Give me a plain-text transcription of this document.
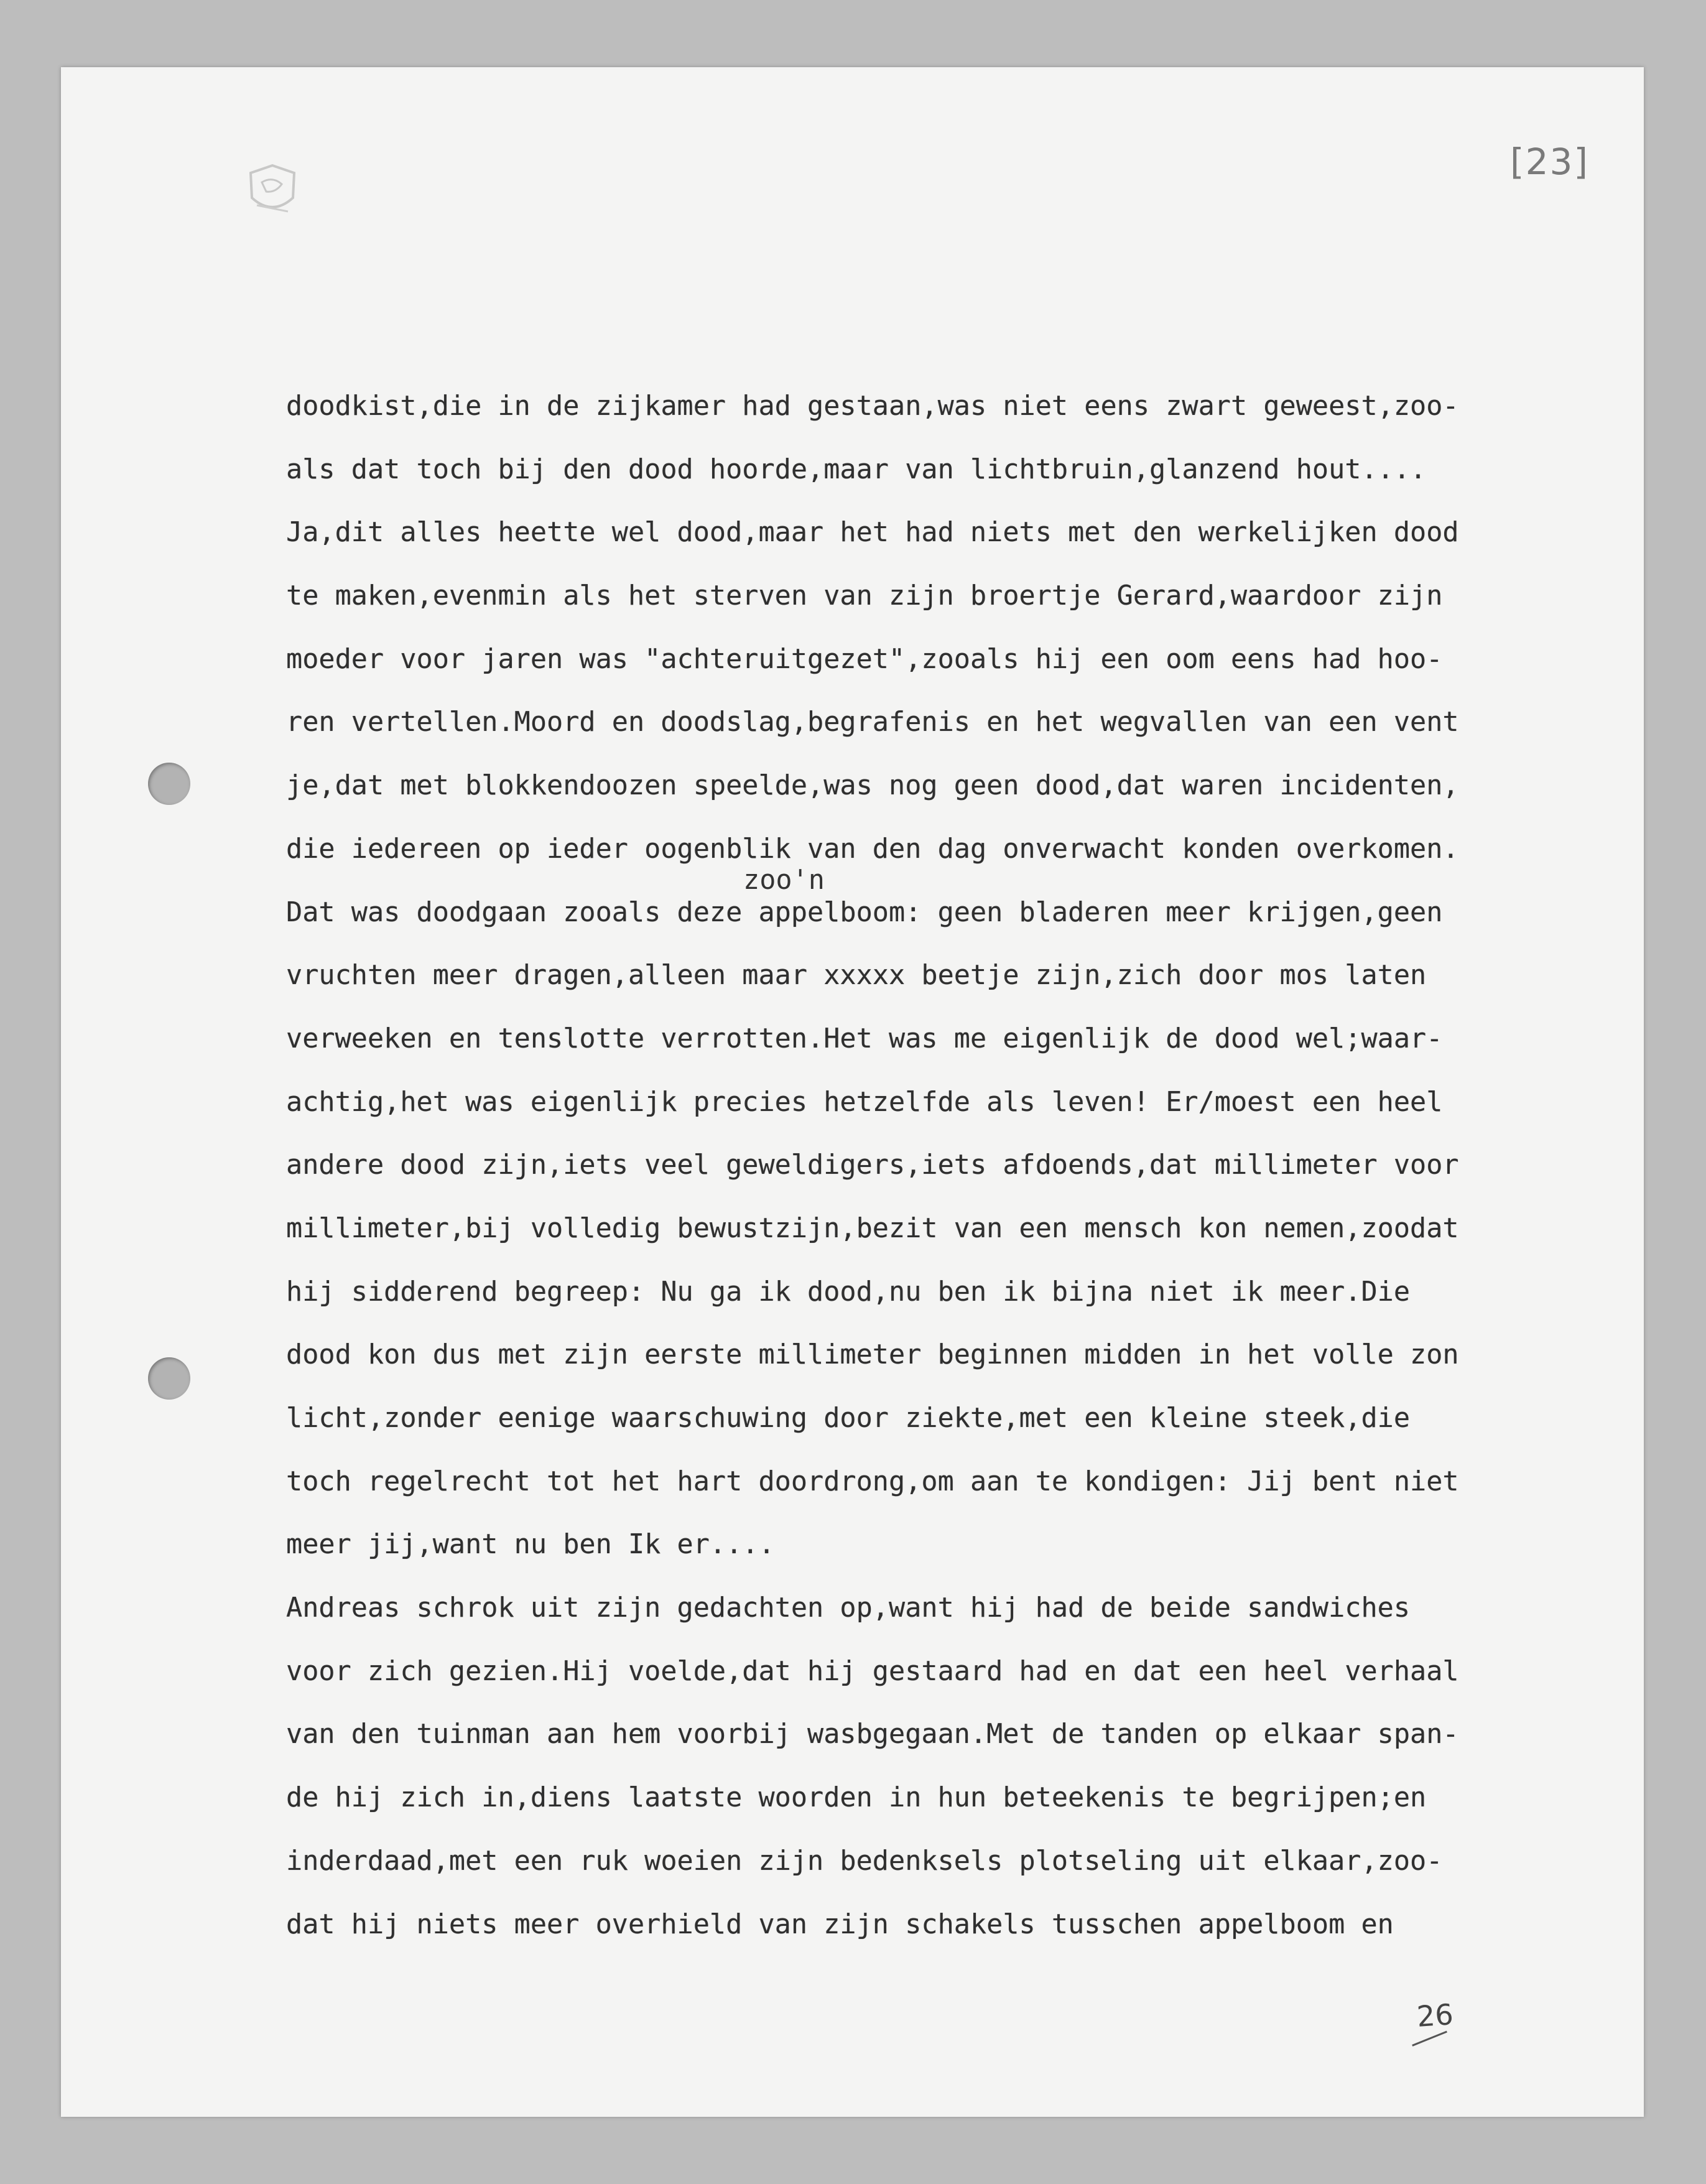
[23]
zoo'n
doodkist,die in de zijkamer had gestaan,was niet eens zwart geweest,zoo-
als dat toch bij den dood hoorde,maar van lichtbruin,glanzend hout....
Ja,dit alles heette wel dood,maar het had niets met den werkelijken dood
te maken,evenmin als het sterven van zijn broertje Gerard,waardoor zijn
moeder voor jaren was "achteruitgezet",zooals hij een oom eens had hoo-
ren vertellen.Moord en doodslag,begrafenis en het wegvallen van een vent
je,dat met blokkendoozen speelde,was nog geen dood,dat waren incidenten,
die iedereen op ieder oogenblik van den dag onverwacht konden overkomen.
Dat was doodgaan zooals deze appelboom: geen bladeren meer krijgen,geen
vruchten meer dragen,alleen maar xxxxx beetje zijn,zich door mos laten
verweeken en tenslotte verrotten.Het was me eigenlijk de dood wel;waar-
achtig,het was eigenlijk precies hetzelfde als leven! Er/moest een heel
andere dood zijn,iets veel geweldigers,iets afdoends,dat millimeter voor
millimeter,bij volledig bewustzijn,bezit van een mensch kon nemen,zoodat
hij sidderend begreep: Nu ga ik dood,nu ben ik bijna niet ik meer.Die
dood kon dus met zijn eerste millimeter beginnen midden in het volle zon
licht,zonder eenige waarschuwing door ziekte,met een kleine steek,die
toch regelrecht tot het hart doordrong,om aan te kondigen: Jij bent niet
meer jij,want nu ben Ik er....
Andreas schrok uit zijn gedachten op,want hij had de beide sandwiches
voor zich gezien.Hij voelde,dat hij gestaard had en dat een heel verhaal
van den tuinman aan hem voorbij wasbgegaan.Met de tanden op elkaar span-
de hij zich in,diens laatste woorden in hun beteekenis te begrijpen;en
inderdaad,met een ruk woeien zijn bedenksels plotseling uit elkaar,zoo-
dat hij niets meer overhield van zijn schakels tusschen appelboom en
26
